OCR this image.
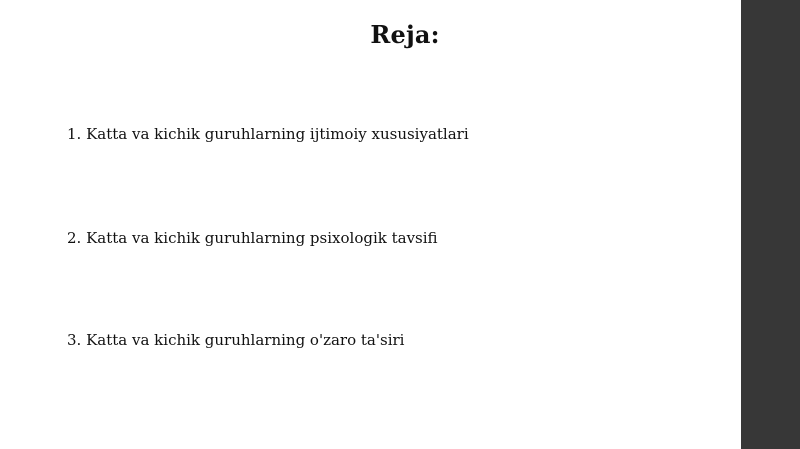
Reja:
1. Katta va kichik guruhlarning ijtimoiy xususiyatlari
2. Katta va kichik guruhlarning psixologik tavsifi
3. Katta va kichik guruhlarning o'zaro ta'siri
